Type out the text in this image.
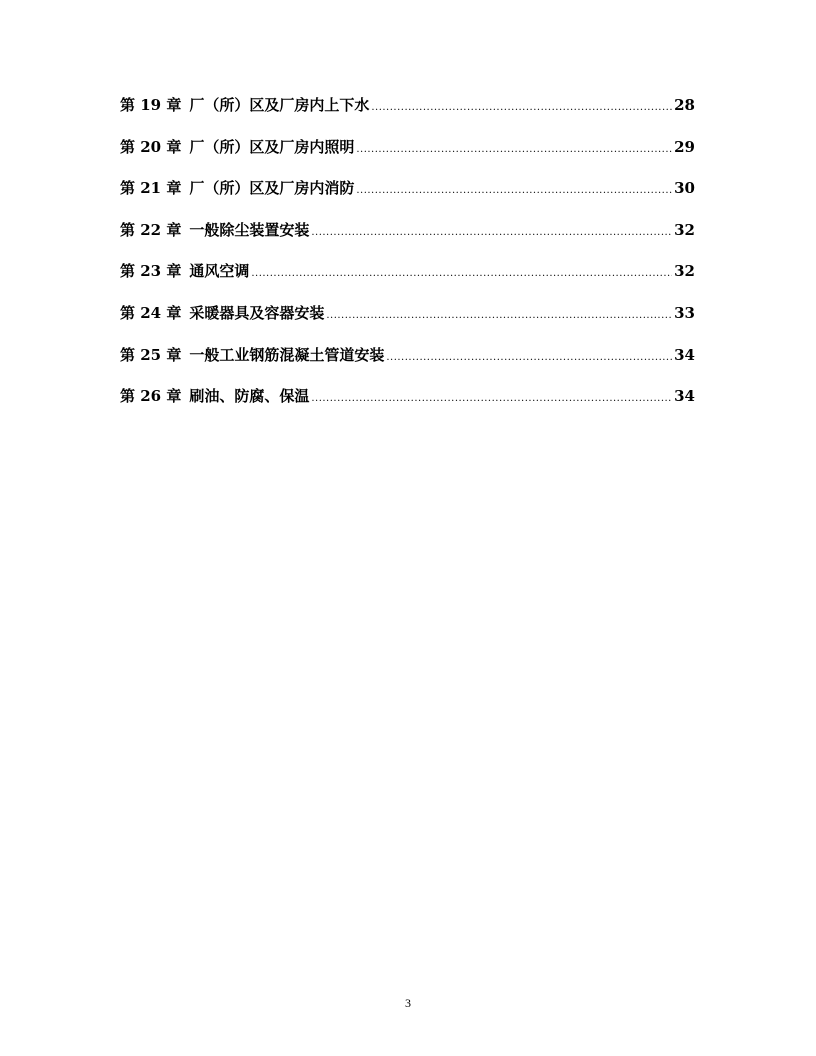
第 19 章 厂（所）区及厂房内上下水 .....	28
第 20 章 厂（所）区及厂房内照明 .....	29
第 21 章 厂（所）区及厂房内消防 .....	30
第 22 章 一般除尘装置安装 .....	32
第 23 章 通风空调 .....	32
第 24 章 采暖器具及容器安装 .....	33
第 25 章 一般工业钢筋混凝土管道安装 .....	34
第 26 章 刷油、防腐、保温 .....	34
3
